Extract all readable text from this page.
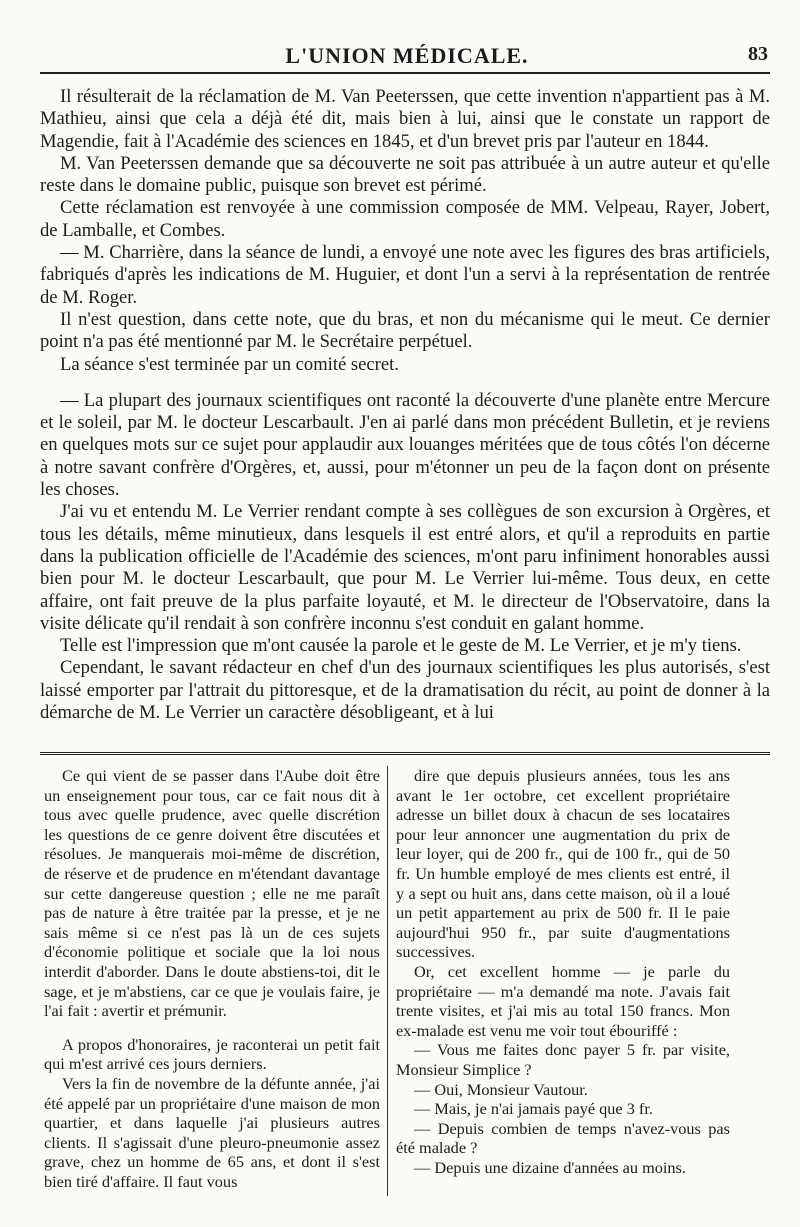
L'UNION MÉDICALE.	83

Il résulterait de la réclamation de M. Van Peeterssen, que cette invention n'appartient pas à M. Mathieu, ainsi que cela a déjà été dit, mais bien à lui, ainsi que le constate un rapport de Magendie, fait à l'Académie des sciences en 1845, et d'un brevet pris par l'auteur en 1844.

M. Van Peeterssen demande que sa découverte ne soit pas attribuée à un autre auteur et qu'elle reste dans le domaine public, puisque son brevet est périmé.

Cette réclamation est renvoyée à une commission composée de MM. Velpeau, Rayer, Jobert, de Lamballe, et Combes.

— M. Charrière, dans la séance de lundi, a envoyé une note avec les figures des bras artificiels, fabriqués d'après les indications de M. Huguier, et dont l'un a servi à la représentation de rentrée de M. Roger.

Il n'est question, dans cette note, que du bras, et non du mécanisme qui le meut. Ce dernier point n'a pas été mentionné par M. le Secrétaire perpétuel.

La séance s'est terminée par un comité secret.

— La plupart des journaux scientifiques ont raconté la découverte d'une planète entre Mercure et le soleil, par M. le docteur Lescarbault. J'en ai parlé dans mon précédent Bulletin, et je reviens en quelques mots sur ce sujet pour applaudir aux louanges méritées que de tous côtés l'on décerne à notre savant confrère d'Orgères, et, aussi, pour m'étonner un peu de la façon dont on présente les choses.

J'ai vu et entendu M. Le Verrier rendant compte à ses collègues de son excursion à Orgères, et tous les détails, même minutieux, dans lesquels il est entré alors, et qu'il a reproduits en partie dans la publication officielle de l'Académie des sciences, m'ont paru infiniment honorables aussi bien pour M. le docteur Lescarbault, que pour M. Le Verrier lui-même. Tous deux, en cette affaire, ont fait preuve de la plus parfaite loyauté, et M. le directeur de l'Observatoire, dans la visite délicate qu'il rendait à son confrère inconnu s'est conduit en galant homme.

Telle est l'impression que m'ont causée la parole et le geste de M. Le Verrier, et je m'y tiens.

Cependant, le savant rédacteur en chef d'un des journaux scientifiques les plus autorisés, s'est laissé emporter par l'attrait du pittoresque, et de la dramatisation du récit, au point de donner à la démarche de M. Le Verrier un caractère désobligeant, et à lui

Ce qui vient de se passer dans l'Aube doit être un enseignement pour tous, car ce fait nous dit à tous avec quelle prudence, avec quelle discrétion les questions de ce genre doivent être discutées et résolues. Je manquerais moi-même de discrétion, de réserve et de prudence en m'étendant davantage sur cette dangereuse question ; elle ne me paraît pas de nature à être traitée par la presse, et je ne sais même si ce n'est pas là un de ces sujets d'économie politique et sociale que la loi nous interdit d'aborder. Dans le doute abstiens-toi, dit le sage, et je m'abstiens, car ce que je voulais faire, je l'ai fait : avertir et prémunir.

A propos d'honoraires, je raconterai un petit fait qui m'est arrivé ces jours derniers.

Vers la fin de novembre de la défunte année, j'ai été appelé par un propriétaire d'une maison de mon quartier, et dans laquelle j'ai plusieurs autres clients. Il s'agissait d'une pleuro-pneumonie assez grave, chez un homme de 65 ans, et dont il s'est bien tiré d'affaire. Il faut vous

dire que depuis plusieurs années, tous les ans avant le 1er octobre, cet excellent propriétaire adresse un billet doux à chacun de ses locataires pour leur annoncer une augmentation du prix de leur loyer, qui de 200 fr., qui de 100 fr., qui de 50 fr. Un humble employé de mes clients est entré, il y a sept ou huit ans, dans cette maison, où il a loué un petit appartement au prix de 500 fr. Il le paie aujourd'hui 950 fr., par suite d'augmentations successives.

Or, cet excellent homme — je parle du propriétaire — m'a demandé ma note. J'avais fait trente visites, et j'ai mis au total 150 francs. Mon ex-malade est venu me voir tout ébouriffé :

— Vous me faites donc payer 5 fr. par visite, Monsieur Simplice ?

— Oui, Monsieur Vautour.

— Mais, je n'ai jamais payé que 3 fr.

— Depuis combien de temps n'avez-vous pas été malade ?

— Depuis une dizaine d'années au moins.
